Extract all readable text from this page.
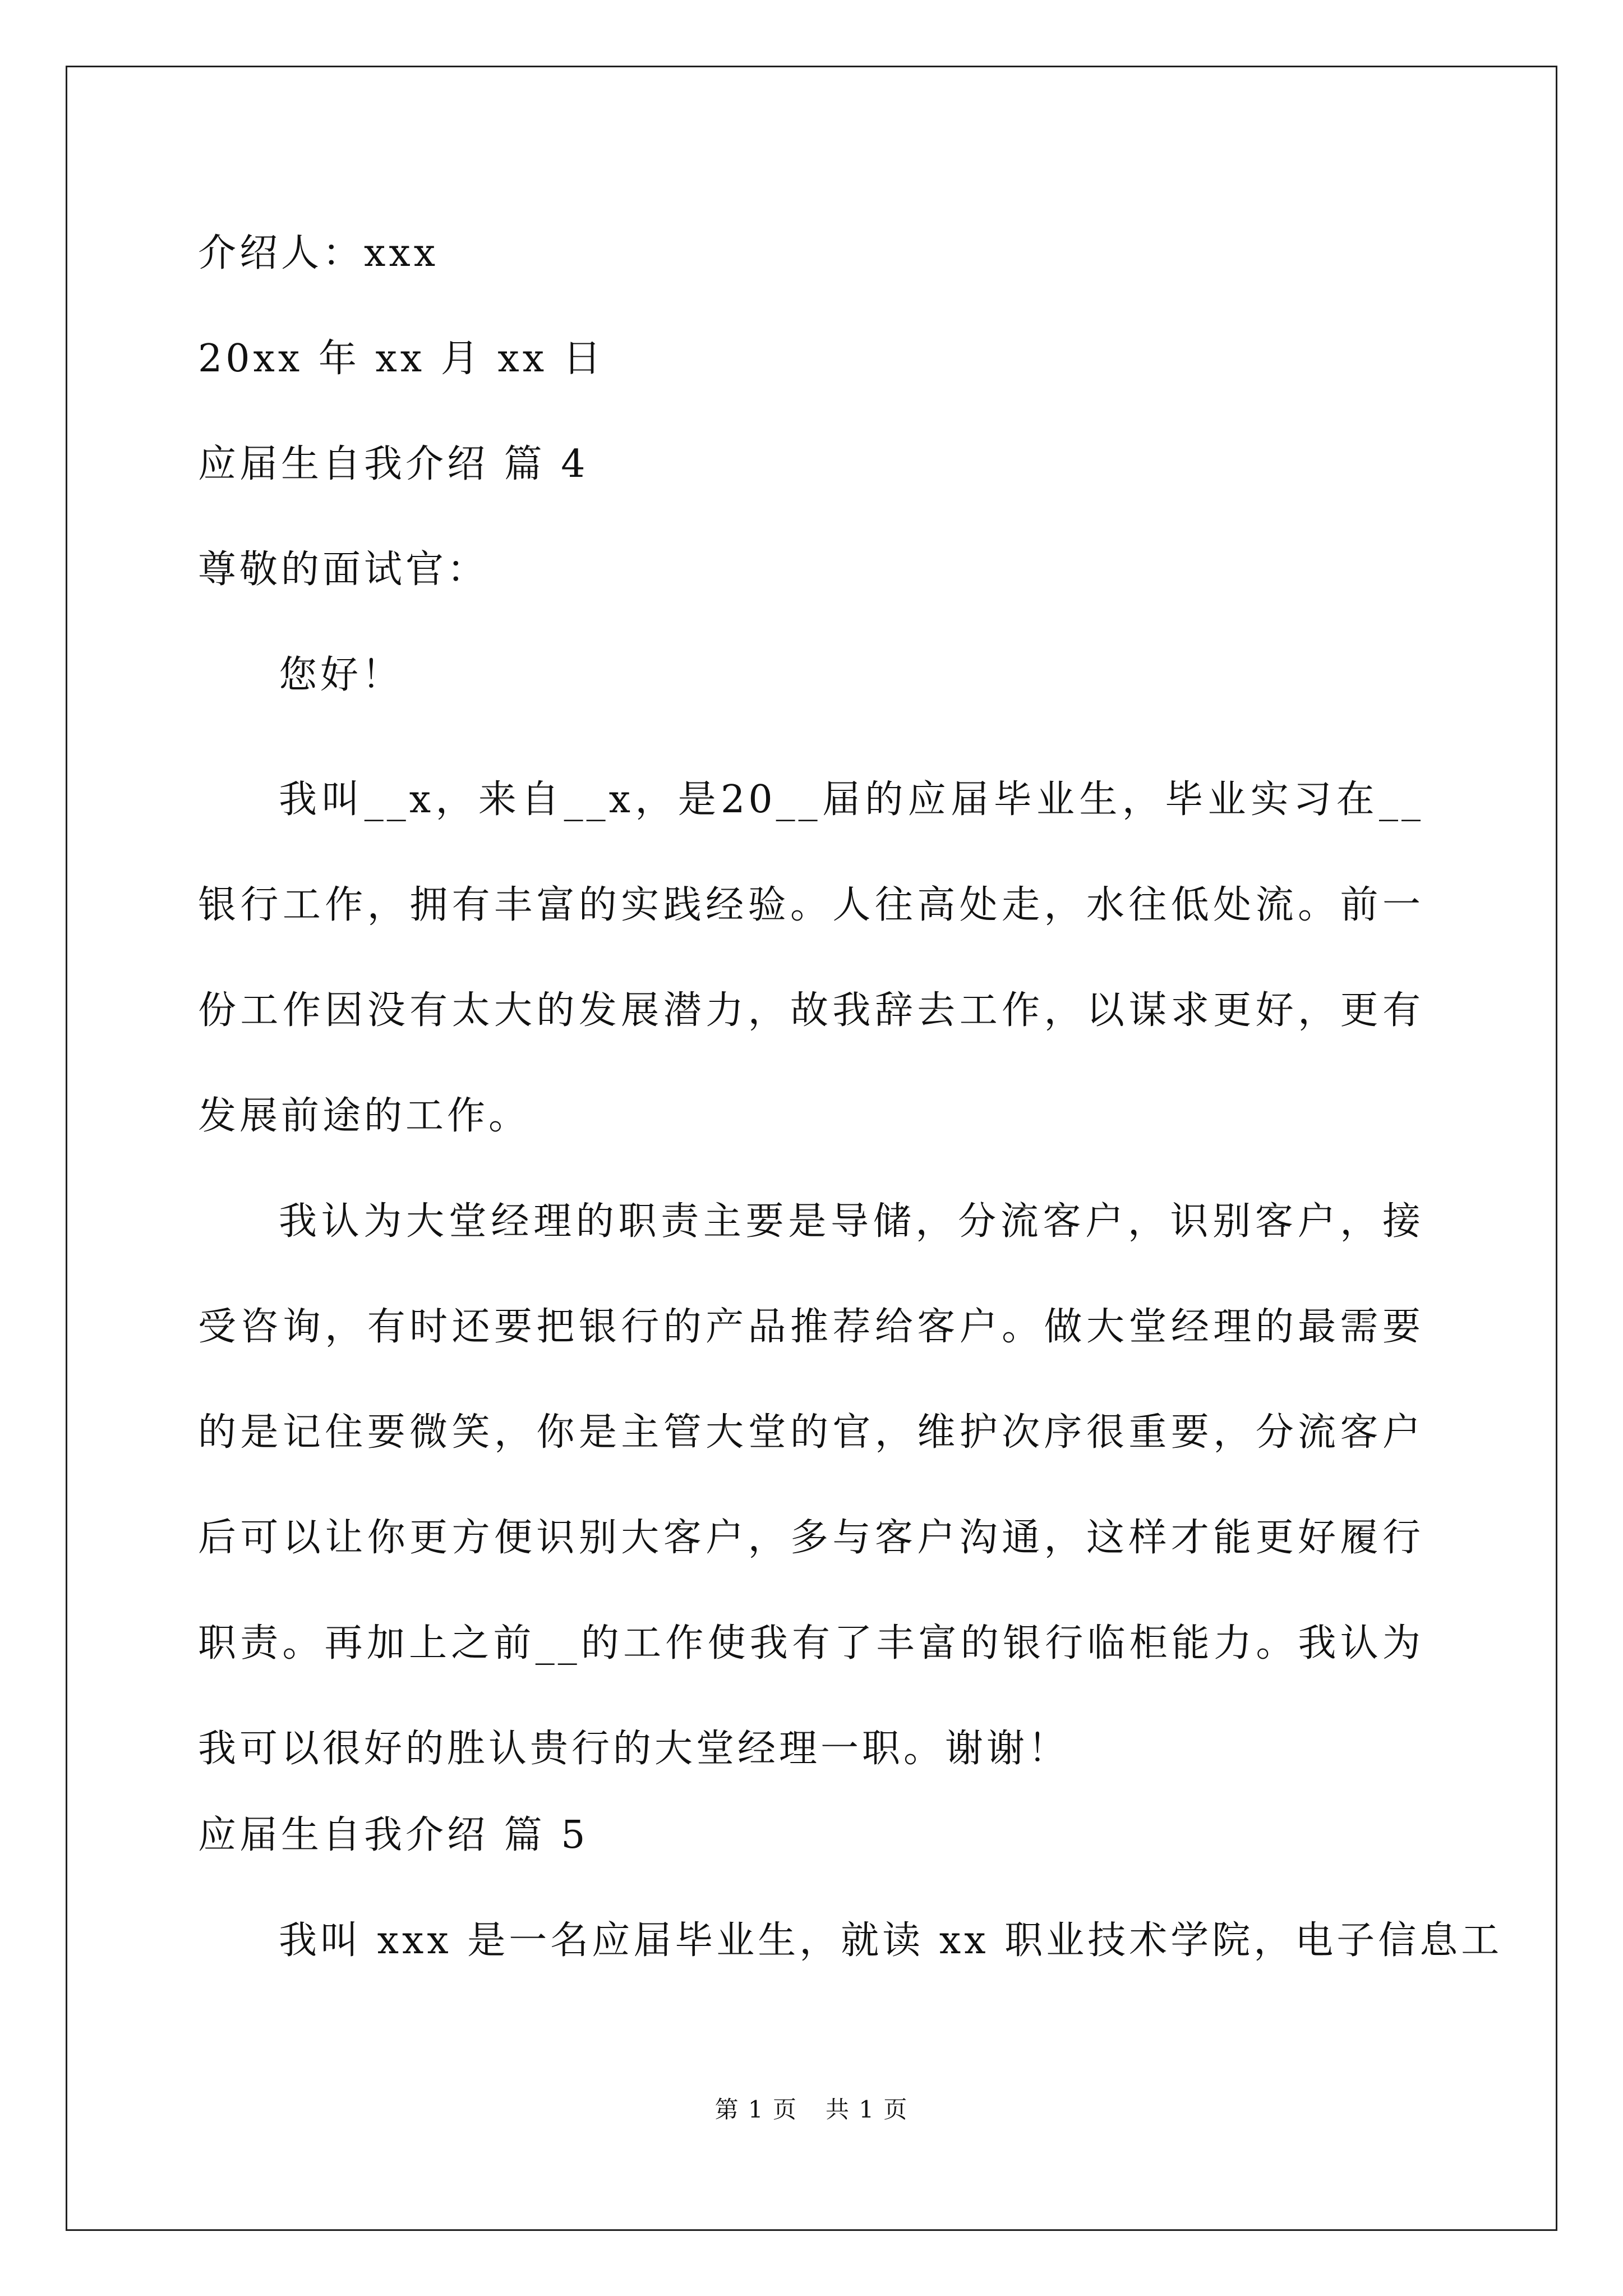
介绍人：xxx
20xx 年 xx 月 xx 日
应届生自我介绍 篇 4
尊敬的面试官：
您好！

我叫__x，来自__x，是20__届的应届毕业生，毕业实习在__银行工作，拥有丰富的实践经验。人往高处走，水往低处流。前一份工作因没有太大的发展潜力，故我辞去工作，以谋求更好，更有发展前途的工作。

我认为大堂经理的职责主要是导储，分流客户，识别客户，接受咨询，有时还要把银行的产品推荐给客户。做大堂经理的最需要的是记住要微笑，你是主管大堂的官，维护次序很重要，分流客户后可以让你更方便识别大客户，多与客户沟通，这样才能更好履行职责。再加上之前__的工作使我有了丰富的银行临柜能力。我认为我可以很好的胜认贵行的大堂经理一职。谢谢！

应届生自我介绍 篇 5
我叫 xxx 是一名应届毕业生，就读 xx 职业技术学院，电子信息工
第 1 页 共 1 页
